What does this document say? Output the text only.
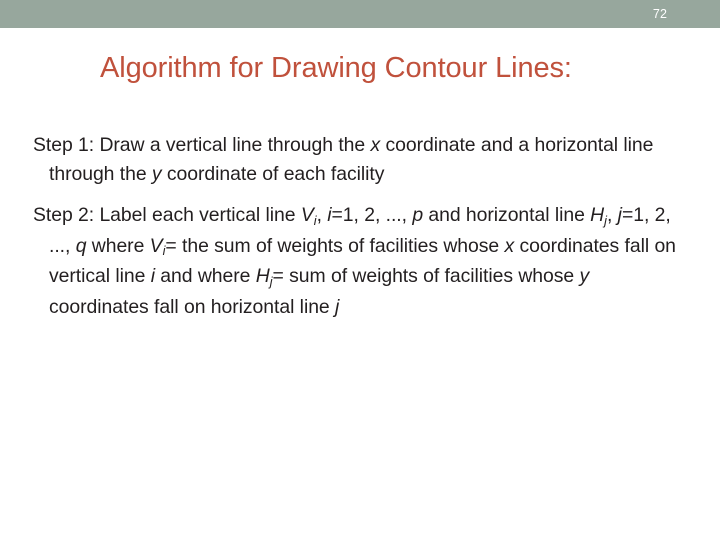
72
Algorithm for Drawing Contour Lines:

Step 1: Draw a vertical line through the x coordinate and a horizontal line through the y coordinate of each facility

Step 2: Label each vertical line $V_i$, i=1, 2, ..., p and horizontal line $H_j$, j=1, 2, ..., q where $V_i=$ the sum of weights of facilities whose x coordinates fall on vertical line i and where $H_j=$ sum of weights of facilities whose y coordinates fall on horizontal line j
